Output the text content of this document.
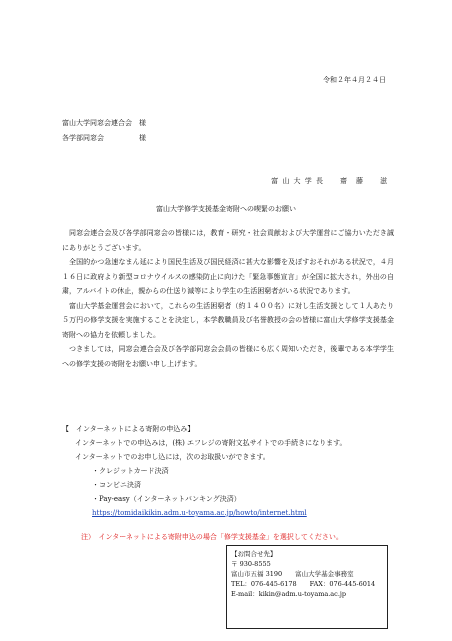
令和２年４月２４日
富山大学同窓会連合会　様
各学部同窓会　　　　　様
富 山 大 学 長　　齋　藤　　滋
富山大学修学支援基金寄附への喫緊のお願い

同窓会連合会及び各学部同窓会の皆様には，教育・研究・社会貢献および大学運営にご協力いただき誠にありがとうございます。

全国的かつ急速なまん延により国民生活及び国民経済に甚大な影響を及ぼすおそれがある状況で，４月１６日に政府より新型コロナウイルスの感染防止に向けた「緊急事態宣言」が全国に拡大され，外出の自粛，アルバイトの休止，親からの仕送り減等により学生の生活困窮者がいる状況であります。

富山大学基金運営会において，これらの生活困窮者（約１４００名）に対し生活支援として１人あたり５万円の修学支援を実施することを決定し，本学教職員及び名誉教授の会の皆様に富山大学修学支援基金寄附への協力を依頼しました。

つきましては，同窓会連合会及び各学部同窓会会員の皆様にも広く周知いただき，後輩である本学学生への修学支援の寄附をお願い申し上げます。

【　インターネットによる寄附の申込み】
インターネットでの申込みは，(株) エフレジの寄附文払サイトでの手続きになります。
インターネットでのお申し込には，次のお取扱いができます。
・クレジットカード決済
・コンビニ決済
・Pay-easy（インターネットバンキング決済）
https://tomidaikikin.adm.u-toyama.ac.jp/howto/internet.html
注）　インターネットによる寄附申込の場合「修学支援基金」を選択してください。
【お問合せ先】
〒 930-8555
富山市五福 3190　　富山大学基金事務室
TEL：076-445-6178　　FAX：076-445-6014
E-mail：kikin@adm.u-toyama.ac.jp
